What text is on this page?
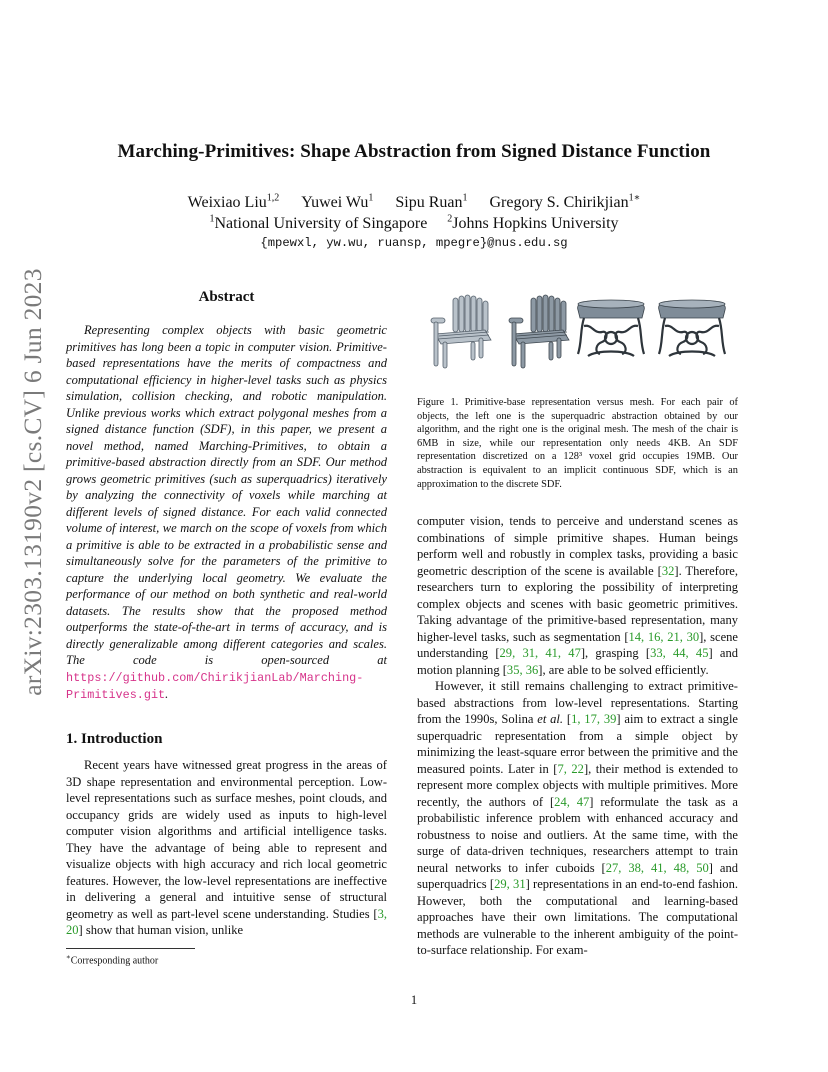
Marching-Primitives: Shape Abstraction from Signed Distance Function
Weixiao Liu$^{1,2}$ Yuwei Wu$^1$ Sipu Ruan$^1$ Gregory S. Chirikjian$^{1∗}$
$^1$National University of Singapore $^2$Johns Hopkins University
{mpewxl, yw.wu, ruansp, mpegre}@nus.edu.sg
arXiv:2303.13190v2 [cs.CV] 6 Jun 2023	Abstract
Representing complex objects with basic geometric primitives has long been a topic in computer vision. Primitive-based representations have the merits of compactness and computational efficiency in higher-level tasks such as physics simulation, collision checking, and robotic manipulation. Unlike previous works which extract polygonal meshes from a signed distance function (SDF), in this paper, we present a novel method, named Marching-Primitives, to obtain a primitive-based abstraction directly from an SDF. Our method grows geometric primitives (such as superquadrics) iteratively by analyzing the connectivity of voxels while marching at different levels of signed distance. For each valid connected volume of interest, we march on the scope of voxels from which a primitive is able to be extracted in a probabilistic sense and simultaneously solve for the parameters of the primitive to capture the underlying local geometry. We evaluate the performance of our method on both synthetic and real-world datasets. The results show that the proposed method outperforms the state-of-the-art in terms of accuracy, and is directly generalizable among different categories and scales. The code is open-sourced at https://github.com/ChirikjianLab/Marching-Primitives.git.
1. Introduction
Recent years have witnessed great progress in the areas of 3D shape representation and environmental perception. Low-level representations such as surface meshes, point clouds, and occupancy grids are widely used as inputs to high-level computer vision algorithms and artificial intelligence tasks. They have the advantage of being able to represent and visualize objects with high accuracy and rich local geometric features. However, the low-level representations are ineffective in delivering a general and intuitive sense of structural geometry as well as part-level scene understanding. Studies [3, 20] show that human vision, unlike
∗Corresponding author
Figure 1. Primitive-base representation versus mesh. For each pair of objects, the left one is the superquadric abstraction obtained by our algorithm, and the right one is the original mesh. The mesh of the chair is 6MB in size, while our representation only needs 4KB. An SDF representation discretized on a 128³ voxel grid occupies 19MB. Our abstraction is equivalent to an implicit continuous SDF, which is an approximation to the discrete SDF.

computer vision, tends to perceive and understand scenes as combinations of simple primitive shapes. Human beings perform well and robustly in complex tasks, providing a basic geometric description of the scene is available [32]. Therefore, researchers turn to exploring the possibility of interpreting complex objects and scenes with basic geometric primitives. Taking advantage of the primitive-based representation, many higher-level tasks, such as segmentation [14, 16, 21, 30], scene understanding [29, 31, 41, 47], grasping [33, 44, 45] and motion planning [35, 36], are able to be solved efficiently.

However, it still remains challenging to extract primitive-based abstractions from low-level representations. Starting from the 1990s, Solina et al. [1, 17, 39] aim to extract a single superquadric representation from a simple object by minimizing the least-square error between the primitive and the measured points. Later in [7, 22], their method is extended to represent more complex objects with multiple primitives. More recently, the authors of [24, 47] reformulate the task as a probabilistic inference problem with enhanced accuracy and robustness to noise and outliers. At the same time, with the surge of data-driven techniques, researchers attempt to train neural networks to infer cuboids [27, 38, 41, 48, 50] and superquadrics [29, 31] representations in an end-to-end fashion. However, both the computational and learning-based approaches have their own limitations. The computational methods are vulnerable to the inherent ambiguity of the point-to-surface relationship. For exam-

1
